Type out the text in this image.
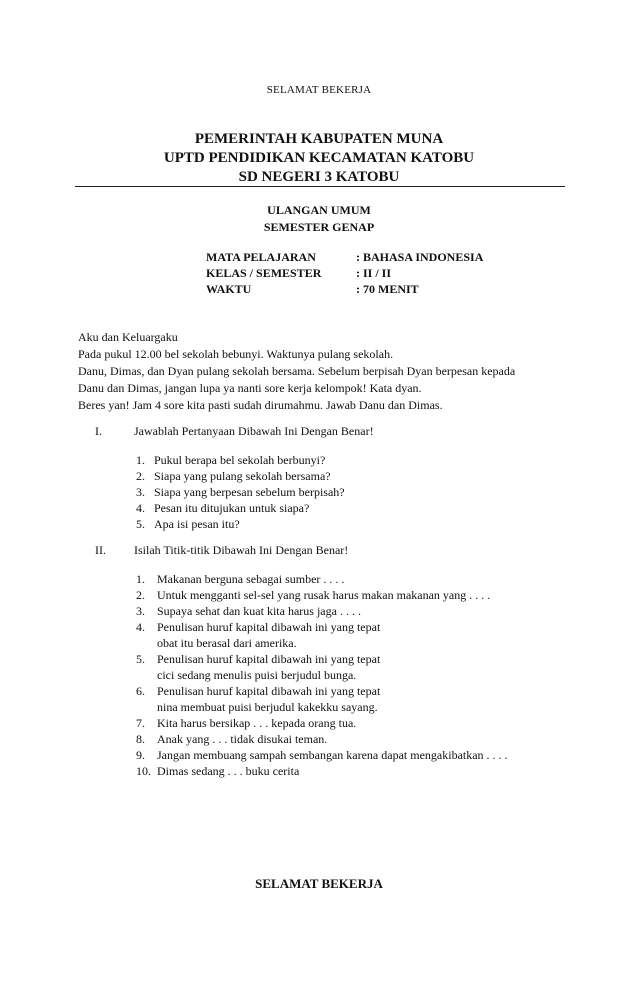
SELAMAT BEKERJA
PEMERINTAH KABUPATEN MUNA
UPTD PENDIDIKAN KECAMATAN KATOBU
SD NEGERI 3 KATOBU
ULANGAN UMUM
SEMESTER GENAP
MATA PELAJARAN	: BAHASA INDONESIA
KELAS / SEMESTER	: II / II
WAKTU	: 70 MENIT
Aku dan Keluargaku
Pada pukul 12.00 bel sekolah bebunyi. Waktunya pulang sekolah.
Danu, Dimas, dan Dyan pulang sekolah bersama. Sebelum berpisah Dyan berpesan kepada
Danu dan Dimas, jangan lupa ya nanti sore kerja kelompok! Kata dyan.
Beres yan! Jam 4 sore kita pasti sudah dirumahmu. Jawab Danu dan Dimas.
I.	Jawablah Pertanyaan Dibawah Ini Dengan Benar!
1. Pukul berapa bel sekolah berbunyi?
2. Siapa yang pulang sekolah bersama?
3. Siapa yang berpesan sebelum berpisah?
4. Pesan itu ditujukan untuk siapa?
5. Apa isi pesan itu?
II. Isilah Titik-titik Dibawah Ini Dengan Benar!
1. Makanan berguna sebagai sumber . . . .
2. Untuk mengganti sel-sel yang rusak harus makan makanan yang . . . .
3. Supaya sehat dan kuat kita harus jaga . . . .
4. Penulisan huruf kapital dibawah ini yang tepat
obat itu berasal dari amerika.
5. Penulisan huruf kapital dibawah ini yang tepat
cici sedang menulis puisi berjudul bunga.
6. Penulisan huruf kapital dibawah ini yang tepat
nina membuat puisi berjudul kakekku sayang.
7. Kita harus bersikap . . . kepada orang tua.
8. Anak yang . . . tidak disukai teman.
9. Jangan membuang sampah sembangan karena dapat mengakibatkan . . . .
10. Dimas sedang . . . buku cerita
SELAMAT BEKERJA
